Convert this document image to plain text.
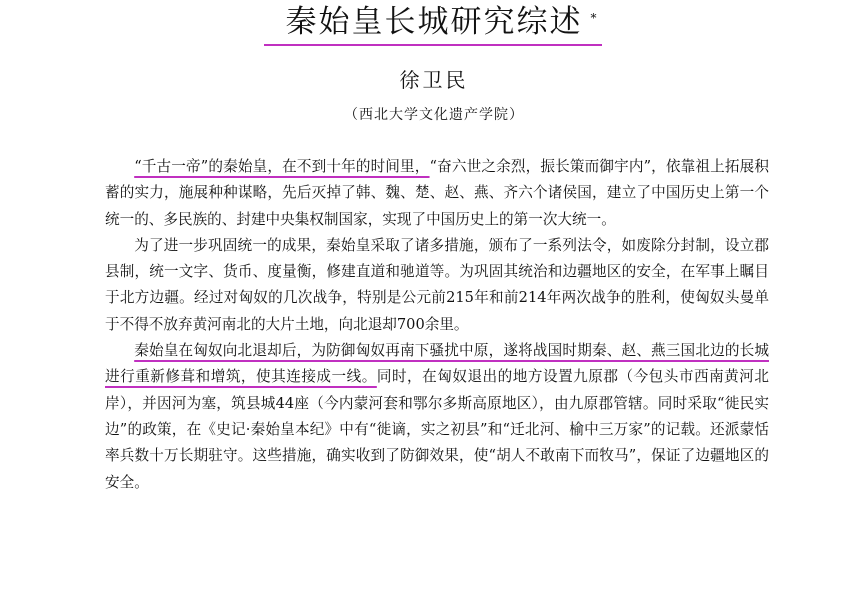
秦始皇长城研究综述 *
徐卫民
（西北大学文化遗产学院）

“千古一帝”的秦始皇，在不到十年的时间里，“奋六世之余烈，振长策而御宇内”，依靠祖上拓展积蓄的实力，施展种种谋略，先后灭掉了韩、魏、楚、赵、燕、齐六个诸侯国，建立了中国历史上第一个统一的、多民族的、封建中央集权制国家，实现了中国历史上的第一次大统一。

为了进一步巩固统一的成果，秦始皇采取了诸多措施，颁布了一系列法令，如废除分封制，设立郡县制，统一文字、货币、度量衡，修建直道和驰道等。为巩固其统治和边疆地区的安全，在军事上瞩目于北方边疆。经过对匈奴的几次战争，特别是公元前215年和前214年两次战争的胜利，使匈奴头曼单于不得不放弃黄河南北的大片土地，向北退却700余里。

秦始皇在匈奴向北退却后，为防御匈奴再南下骚扰中原，遂将战国时期秦、赵、燕三国北边的长城进行重新修葺和增筑，使其连接成一线。同时，在匈奴退出的地方设置九原郡（今包头市西南黄河北岸），并因河为塞，筑县城44座（今内蒙河套和鄂尔多斯高原地区），由九原郡管辖。同时采取“徙民实边”的政策，在《史记·秦始皇本纪》中有“徙谪，实之初县”和“迁北河、榆中三万家”的记载。还派蒙恬率兵数十万长期驻守。这些措施，确实收到了防御效果，使“胡人不敢南下而牧马”，保证了边疆地区的安全。
